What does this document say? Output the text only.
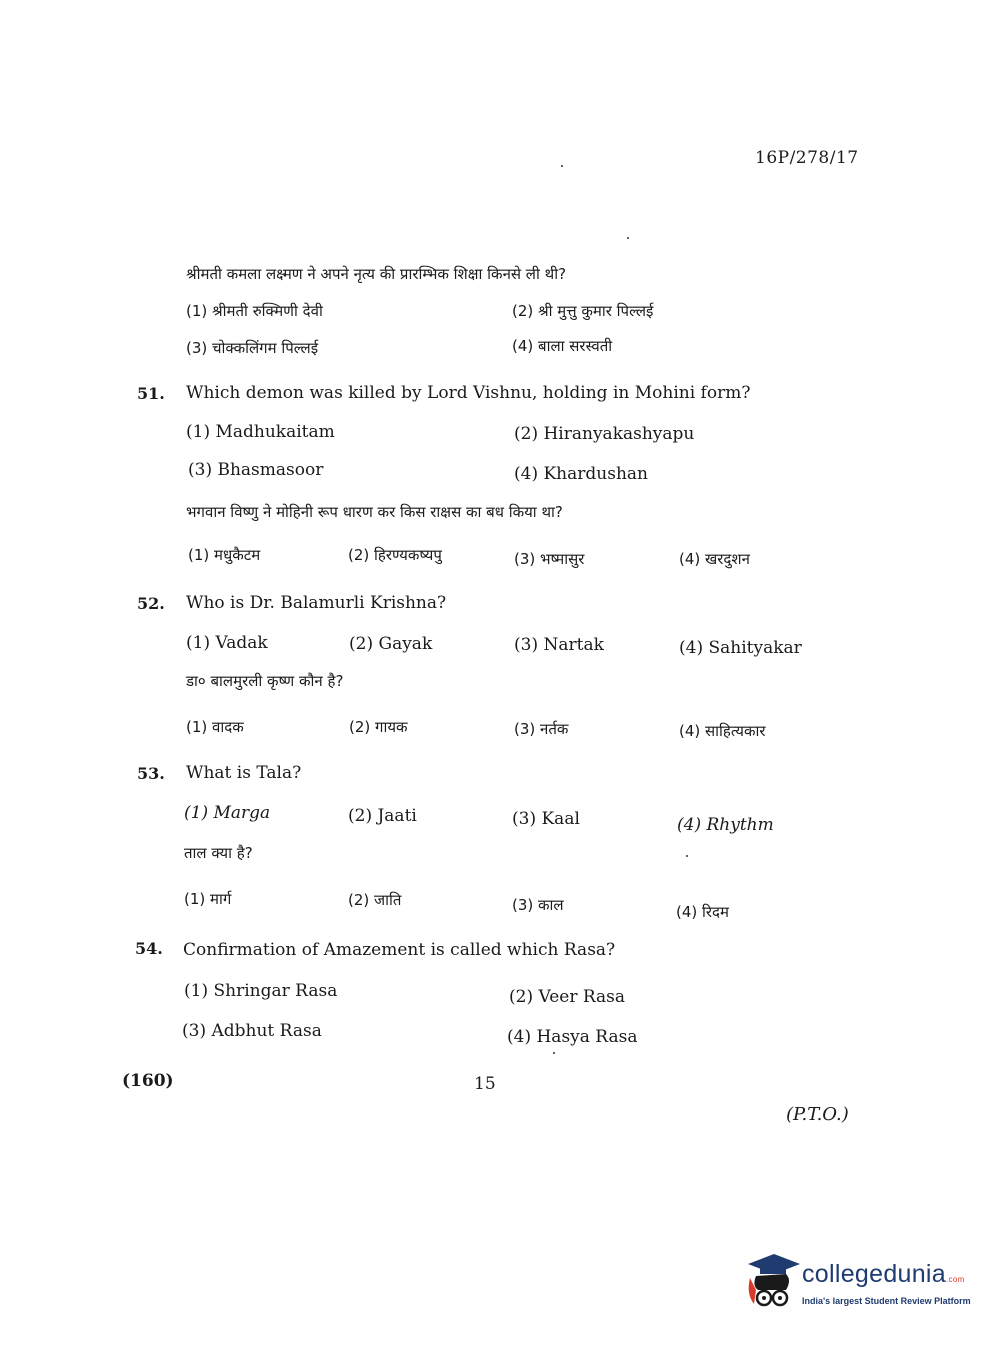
16P/278/17
श्रीमती कमला लक्ष्मण ने अपने नृत्य की प्रारम्भिक शिक्षा किनसे ली थी?
(1) श्रीमती रुक्मिणी देवी	(2) श्री मुत्तु कुमार पिल्लई
(3) चोक्कलिंगम पिल्लई	(4) बाला सरस्वती
51. Which demon was killed by Lord Vishnu, holding in Mohini form?
(1) Madhukaitam	(2) Hiranyakashyapu
(3) Bhasmasoor	(4) Khardushan
भगवान विष्णु ने मोहिनी रूप धारण कर किस राक्षस का बध किया था?
(1) मधुकैटम	(2) हिरण्यकष्यपु	(3) भष्मासुर	(4) खरदुशन
52. Who is Dr. Balamurli Krishna?
(1) Vadak	(2) Gayak	(3) Nartak	(4) Sahityakar
डा० बालमुरली कृष्ण कौन है?
(1) वादक	(2) गायक	(3) नर्तक	(4) साहित्यकार
53. What is Tala?
(1) Marga	(2) Jaati	(3) Kaal	(4) Rhythm
ताल क्या है?
(1) मार्ग	(2) जाति	(3) काल	(4) रिदम
54. Confirmation of Amazement is called which Rasa?
(1) Shringar Rasa	(2) Veer Rasa
(3) Adbhut Rasa	(4) Hasya Rasa
(160)	15
(P.T.O.)
collegedunia.com
India's largest Student Review Platform
